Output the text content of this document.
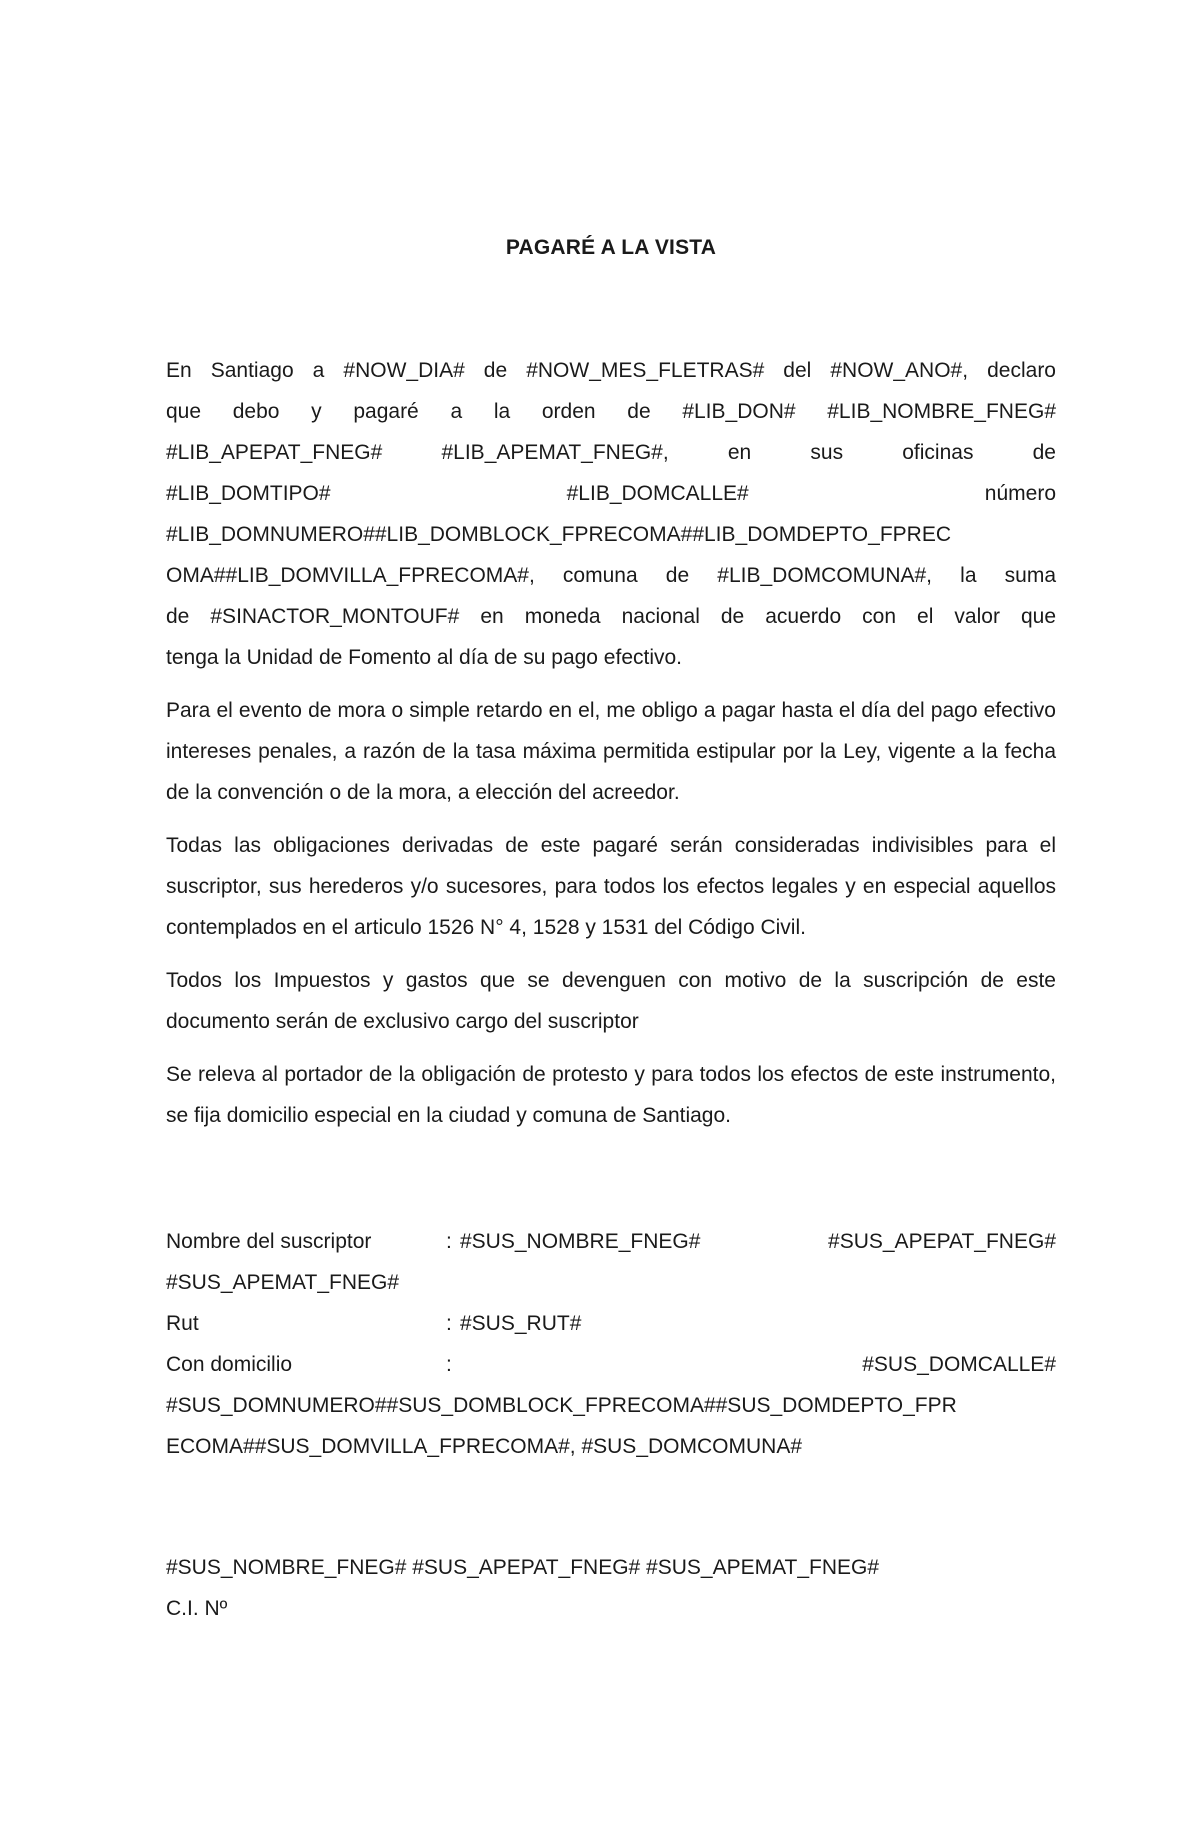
PAGARÉ A LA VISTA

En Santiago a #NOW_DIA# de #NOW_MES_FLETRAS# del #NOW_ANO#, declaro

que debo y pagaré a la orden de #LIB_DON# #LIB_NOMBRE_FNEG#

#LIB_APEPAT_FNEG# #LIB_APEMAT_FNEG#, en sus oficinas de

#LIB_DOMTIPO# #LIB_DOMCALLE# número

#LIB_DOMNUMERO##LIB_DOMBLOCK_FPRECOMA##LIB_DOMDEPTO_FPREC

OMA##LIB_DOMVILLA_FPRECOMA#, comuna de #LIB_DOMCOMUNA#, la suma

de #SINACTOR_MONTOUF# en moneda nacional de acuerdo con el valor que

tenga la Unidad de Fomento al día de su pago efectivo.

Para el evento de mora o simple retardo en el, me obligo a pagar hasta el día del pago efectivo intereses penales, a razón de la tasa máxima permitida estipular por la Ley, vigente a la fecha de la convención o de la mora, a elección del acreedor.

Todas las obligaciones derivadas de este pagaré serán consideradas indivisibles para el suscriptor, sus herederos y/o sucesores, para todos los efectos legales y en especial aquellos contemplados en el articulo 1526 N° 4, 1528 y 1531 del Código Civil.

Todos los Impuestos y gastos que se devenguen con motivo de la suscripción de este documento serán de exclusivo cargo del suscriptor

Se releva al portador de la obligación de protesto y para todos los efectos de este instrumento, se fija domicilio especial en la ciudad y comuna de Santiago.

Nombre del suscriptor	: #SUS_NOMBRE_FNEG# #SUS_APEPAT_FNEG#

#SUS_APEMAT_FNEG#

Rut	: #SUS_RUT#
Con domicilio	:	#SUS_DOMCALLE#

#SUS_DOMNUMERO##SUS_DOMBLOCK_FPRECOMA##SUS_DOMDEPTO_FPR

ECOMA##SUS_DOMVILLA_FPRECOMA#, #SUS_DOMCOMUNA#

#SUS_NOMBRE_FNEG# #SUS_APEPAT_FNEG# #SUS_APEMAT_FNEG#

C.I. Nº
